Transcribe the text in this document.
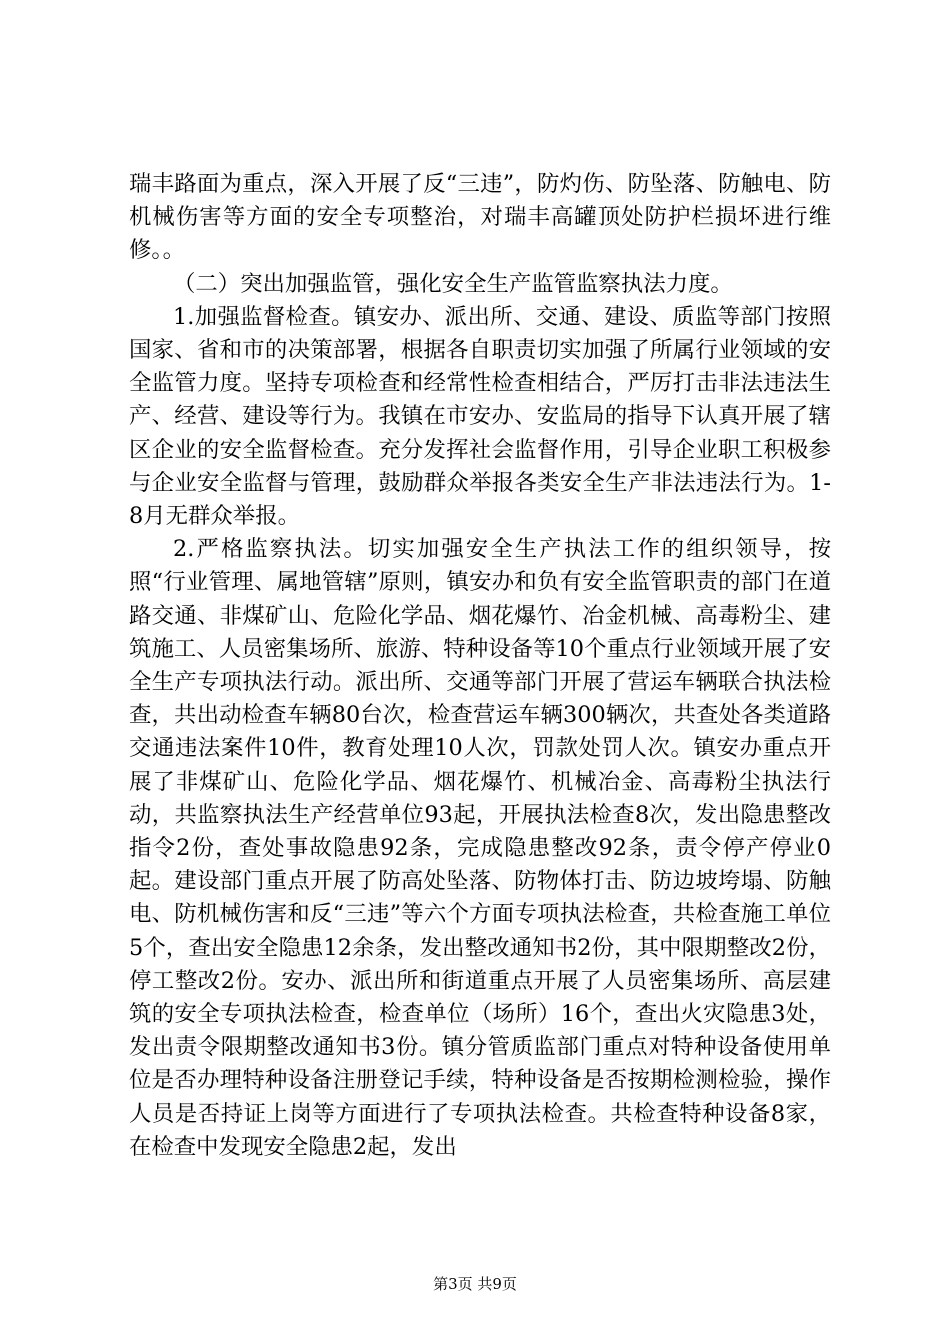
瑞丰路面为重点，深入开展了反“三违”，防灼伤、防坠落、防触电、防机械伤害等方面的安全专项整治，对瑞丰高罐顶处防护栏损坏进行维修。。

（二）突出加强监管，强化安全生产监管监察执法力度。

1.加强监督检查。镇安办、派出所、交通、建设、质监等部门按照国家、省和市的决策部署，根据各自职责切实加强了所属行业领域的安全监管力度。坚持专项检查和经常性检查相结合，严厉打击非法违法生产、经营、建设等行为。我镇在市安办、安监局的指导下认真开展了辖区企业的安全监督检查。充分发挥社会监督作用，引导企业职工积极参与企业安全监督与管理，鼓励群众举报各类安全生产非法违法行为。1-8月无群众举报。

2.严格监察执法。切实加强安全生产执法工作的组织领导，按照“行业管理、属地管辖”原则，镇安办和负有安全监管职责的部门在道路交通、非煤矿山、危险化学品、烟花爆竹、冶金机械、高毒粉尘、建筑施工、人员密集场所、旅游、特种设备等10个重点行业领域开展了安全生产专项执法行动。派出所、交通等部门开展了营运车辆联合执法检查，共出动检查车辆80台次，检查营运车辆300辆次，共查处各类道路交通违法案件10件，教育处理10人次，罚款处罚人次。镇安办重点开展了非煤矿山、危险化学品、烟花爆竹、机械冶金、高毒粉尘执法行动，共监察执法生产经营单位93起，开展执法检查8次，发出隐患整改指令2份，查处事故隐患92条，完成隐患整改92条，责令停产停业0起。建设部门重点开展了防高处坠落、防物体打击、防边坡垮塌、防触电、防机械伤害和反“三违”等六个方面专项执法检查，共检查施工单位5个，查出安全隐患12余条，发出整改通知书2份，其中限期整改2份，停工整改2份。安办、派出所和街道重点开展了人员密集场所、高层建筑的安全专项执法检查，检查单位（场所）16个，查出火灾隐患3处，发出责令限期整改通知书3份。镇分管质监部门重点对特种设备使用单位是否办理特种设备注册登记手续，特种设备是否按期检测检验，操作人员是否持证上岗等方面进行了专项执法检查。共检查特种设备8家，在检查中发现安全隐患2起，发出

第3页 共9页
